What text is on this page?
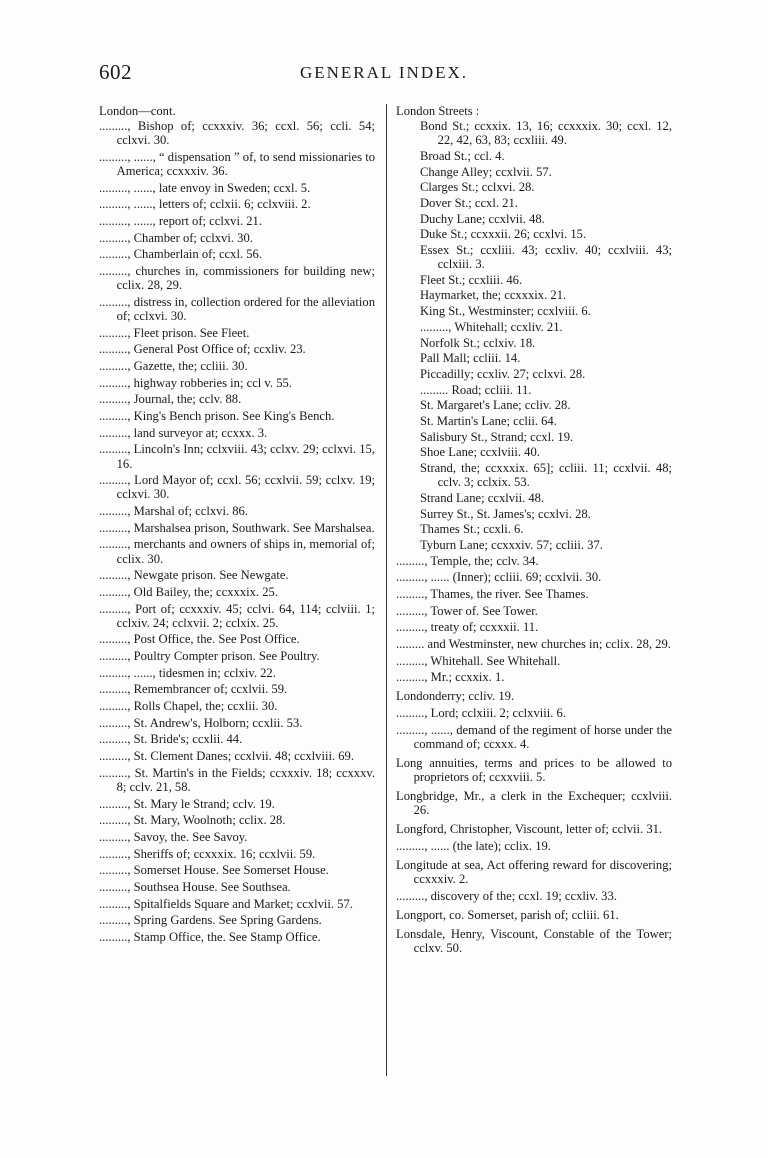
602	GENERAL INDEX.
London—cont.
........., Bishop of; ccxxxiv. 36; ccxl. 56; ccli. 54; cclxvi. 30.
........., ......, “ dispensation ” of, to send missionaries to America; ccxxxiv. 36.
........., ......, late envoy in Sweden; ccxl. 5.
........., ......, letters of; cclxii. 6; cclxviii. 2.
........., ......, report of; cclxvi. 21.
........., Chamber of; cclxvi. 30.
........., Chamberlain of; ccxl. 56.
........., churches in, commissioners for building new; cclix. 28, 29.
........., distress in, collection ordered for the alleviation of; cclxvi. 30.
........., Fleet prison. See Fleet.
........., General Post Office of; ccxliv. 23.
........., Gazette, the; ccliii. 30.
........., highway robberies in; ccl v. 55.
........., Journal, the; cclv. 88.
........., King's Bench prison. See King's Bench.
........., land surveyor at; ccxxx. 3.
........., Lincoln's Inn; cclxviii. 43; cclxv. 29; cclxvi. 15, 16.
........., Lord Mayor of; ccxl. 56; ccxlvii. 59; cclxv. 19; cclxvi. 30.
........., Marshal of; cclxvi. 86.
........., Marshalsea prison, Southwark. See Marshalsea.
........., merchants and owners of ships in, memorial of; cclix. 30.
........., Newgate prison. See Newgate.
........., Old Bailey, the; ccxxxix. 25.
........., Port of; ccxxxiv. 45; cclvi. 64, 114; cclviii. 1; cclxiv. 24; cclxvii. 2; cclxix. 25.
........., Post Office, the. See Post Office.
........., Poultry Compter prison. See Poultry.
........., ......, tidesmen in; cclxiv. 22.
........., Remembrancer of; ccxlvii. 59.
........., Rolls Chapel, the; ccxlii. 30.
........., St. Andrew's, Holborn; ccxlii. 53.
........., St. Bride's; ccxlii. 44.
........., St. Clement Danes; ccxlvii. 48; ccxlviii. 69.
........., St. Martin's in the Fields; ccxxxiv. 18; ccxxxv. 8; cclv. 21, 58.
........., St. Mary le Strand; cclv. 19.
........., St. Mary, Woolnoth; cclix. 28.
........., Savoy, the. See Savoy.
........., Sheriffs of; ccxxxix. 16; ccxlvii. 59.
........., Somerset House. See Somerset House.
........., Southsea House. See Southsea.
........., Spitalfields Square and Market; ccxlvii. 57.
........., Spring Gardens. See Spring Gardens.
........., Stamp Office, the. See Stamp Office.
London Streets :
Bond St.; ccxxix. 13, 16; ccxxxix. 30; ccxl. 12, 22, 42, 63, 83; ccxliii. 49.
Broad St.; ccl. 4.
Change Alley; ccxlvii. 57.
Clarges St.; cclxvi. 28.
Dover St.; ccxl. 21.
Duchy Lane; ccxlvii. 48.
Duke St.; ccxxxii. 26; ccxlvi. 15.
Essex St.; ccxliii. 43; ccxliv. 40; ccxlviii. 43; cclxiii. 3.
Fleet St.; ccxliii. 46.
Haymarket, the; ccxxxix. 21.
King St., Westminster; ccxlviii. 6.
........., Whitehall; ccxliv. 21.
Norfolk St.; cclxiv. 18.
Pall Mall; ccliii. 14.
Piccadilly; ccxliv. 27; cclxvi. 28.
......... Road; ccliii. 11.
St. Margaret's Lane; ccliv. 28.
St. Martin's Lane; cclii. 64.
Salisbury St., Strand; ccxl. 19.
Shoe Lane; ccxlviii. 40.
Strand, the; ccxxxix. 65]; ccliii. 11; ccxlvii. 48; cclv. 3; cclxix. 53.
Strand Lane; ccxlvii. 48.
Surrey St., St. James's; ccxlvi. 28.
Thames St.; ccxli. 6.
Tyburn Lane; ccxxxiv. 57; ccliii. 37.
........., Temple, the; cclv. 34.
........., ...... (Inner); ccliii. 69; ccxlvii. 30.
........., Thames, the river. See Thames.
........., Tower of. See Tower.
........., treaty of; ccxxxii. 11.
......... and Westminster, new churches in; cclix. 28, 29.
........., Whitehall. See Whitehall.
........., Mr.; ccxxix. 1.
Londonderry; ccliv. 19.
........., Lord; cclxiii. 2; cclxviii. 6.
........., ......, demand of the regiment of horse under the command of; ccxxx. 4.
Long annuities, terms and prices to be allowed to proprietors of; ccxxviii. 5.
Longbridge, Mr., a clerk in the Exchequer; ccxlviii. 26.
Longford, Christopher, Viscount, letter of; cclvii. 31.
........., ...... (the late); cclix. 19.
Longitude at sea, Act offering reward for discovering; ccxxxiv. 2.
........., discovery of the; ccxl. 19; ccxliv. 33.
Longport, co. Somerset, parish of; ccliii. 61.
Lonsdale, Henry, Viscount, Constable of the Tower; cclxv. 50.
